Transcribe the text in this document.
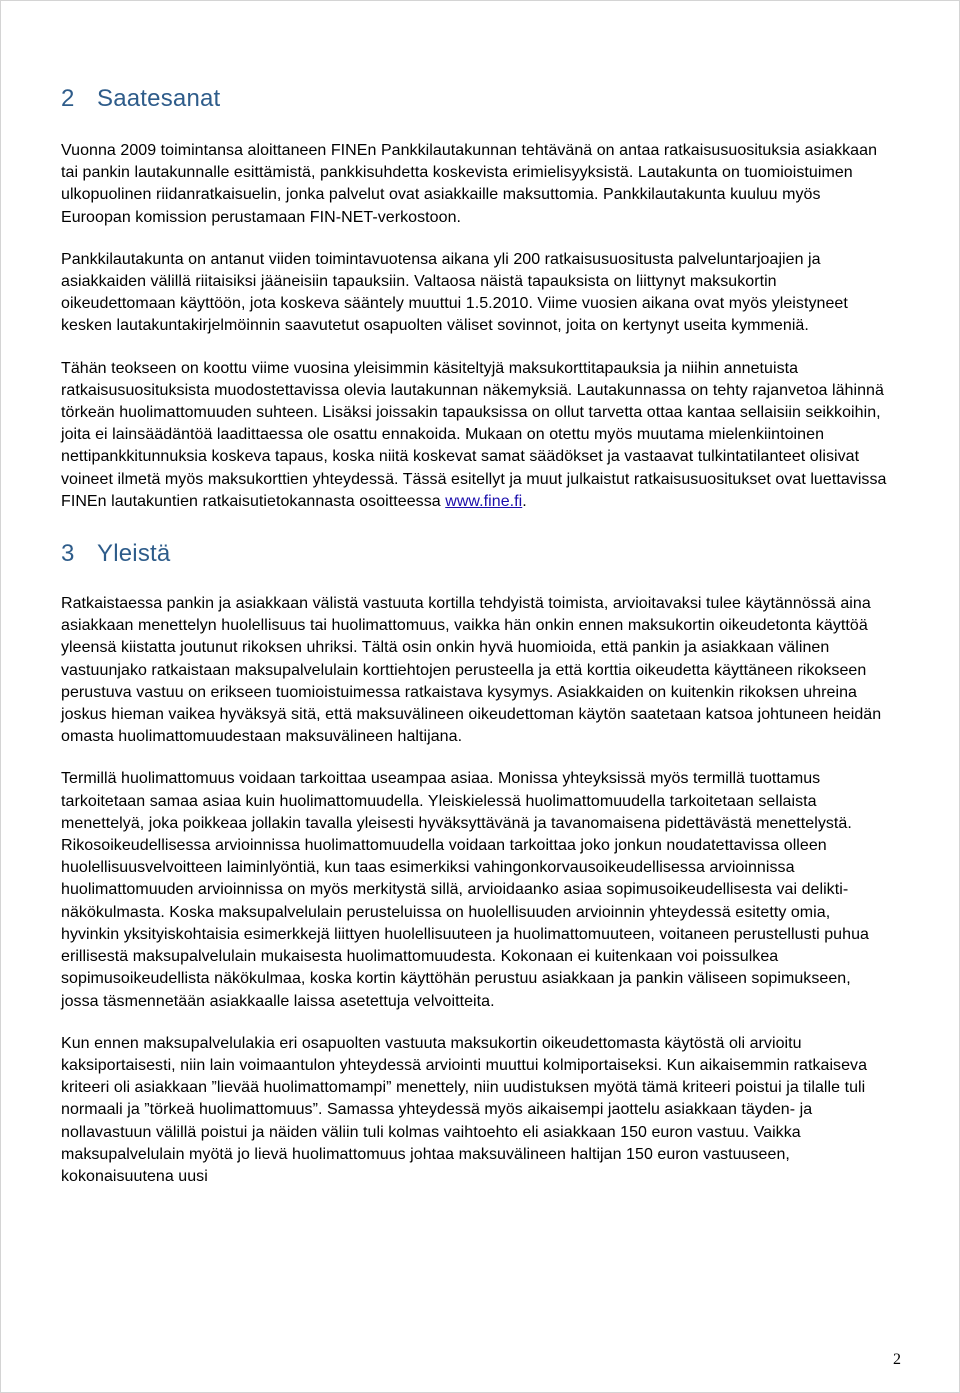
2 Saatesanat

Vuonna 2009 toimintansa aloittaneen FINEn Pankkilautakunnan tehtävänä on antaa ratkaisusuosituksia asiakkaan tai pankin lautakunnalle esittämistä, pankkisuhdetta koskevista erimielisyyksistä. Lautakunta on tuomioistuimen ulkopuolinen riidanratkaisuelin, jonka palvelut ovat asiakkaille maksuttomia. Pankkilautakunta kuuluu myös Euroopan komission perustamaan FIN-NET-verkostoon.

Pankkilautakunta on antanut viiden toimintavuotensa aikana yli 200 ratkaisusuositusta palveluntarjoajien ja asiakkaiden välillä riitaisiksi jääneisiin tapauksiin. Valtaosa näistä tapauksista on liittynyt maksukortin oikeudettomaan käyttöön, jota koskeva sääntely muuttui 1.5.2010. Viime vuosien aikana ovat myös yleistyneet kesken lautakuntakirjelmöinnin saavutetut osapuolten väliset sovinnot, joita on kertynyt useita kymmeniä.

Tähän teokseen on koottu viime vuosina yleisimmin käsiteltyjä maksukorttitapauksia ja niihin annetuista ratkaisusuosituksista muodostettavissa olevia lautakunnan näkemyksiä. Lautakunnassa on tehty rajanvetoa lähinnä törkeän huolimattomuuden suhteen. Lisäksi joissakin tapauksissa on ollut tarvetta ottaa kantaa sellaisiin seikkoihin, joita ei lainsäädäntöä laadittaessa ole osattu ennakoida. Mukaan on otettu myös muutama mielenkiintoinen nettipankkitunnuksia koskeva tapaus, koska niitä koskevat samat säädökset ja vastaavat tulkintatilanteet olisivat voineet ilmetä myös maksukorttien yhteydessä. Tässä esitellyt ja muut julkaistut ratkaisusuositukset ovat luettavissa FINEn lautakuntien ratkaisutietokannasta osoitteessa www.fine.fi.

3 Yleistä

Ratkaistaessa pankin ja asiakkaan välistä vastuuta kortilla tehdyistä toimista, arvioitavaksi tulee käytännössä aina asiakkaan menettelyn huolellisuus tai huolimattomuus, vaikka hän onkin ennen maksukortin oikeudetonta käyttöä yleensä kiistatta joutunut rikoksen uhriksi. Tältä osin onkin hyvä huomioida, että pankin ja asiakkaan välinen vastuunjako ratkaistaan maksupalvelulain korttiehtojen perusteella ja että korttia oikeudetta käyttäneen rikokseen perustuva vastuu on erikseen tuomioistuimessa ratkaistava kysymys. Asiakkaiden on kuitenkin rikoksen uhreina joskus hieman vaikea hyväksyä sitä, että maksuvälineen oikeudettoman käytön saatetaan katsoa johtuneen heidän omasta huolimattomuudestaan maksuvälineen haltijana.

Termillä huolimattomuus voidaan tarkoittaa useampaa asiaa. Monissa yhteyksissä myös termillä tuottamus tarkoitetaan samaa asiaa kuin huolimattomuudella. Yleiskielessä huolimattomuudella tarkoitetaan sellaista menettelyä, joka poikkeaa jollakin tavalla yleisesti hyväksyttävänä ja tavanomaisena pidettävästä menettelystä. Rikosoikeudellisessa arvioinnissa huolimattomuudella voidaan tarkoittaa joko jonkun noudatettavissa olleen huolellisuusvelvoitteen laiminlyöntiä, kun taas esimerkiksi vahingonkorvausoikeudellisessa arvioinnissa huolimattomuuden arvioinnissa on myös merkitystä sillä, arvioidaanko asiaa sopimusoikeudellisesta vai delikti-näkökulmasta. Koska maksupalvelulain perusteluissa on huolellisuuden arvioinnin yhteydessä esitetty omia, hyvinkin yksityiskohtaisia esimerkkejä liittyen huolellisuuteen ja huolimattomuuteen, voitaneen perustellusti puhua erillisestä maksupalvelulain mukaisesta huolimattomuudesta. Kokonaan ei kuitenkaan voi poissulkea sopimusoikeudellista näkökulmaa, koska kortin käyttöhän perustuu asiakkaan ja pankin väliseen sopimukseen, jossa täsmennetään asiakkaalle laissa asetettuja velvoitteita.

Kun ennen maksupalvelulakia eri osapuolten vastuuta maksukortin oikeudettomasta käytöstä oli arvioitu kaksiportaisesti, niin lain voimaantulon yhteydessä arviointi muuttui kolmiportaiseksi. Kun aikaisemmin ratkaiseva kriteeri oli asiakkaan ”lievää huolimattomampi” menettely, niin uudistuksen myötä tämä kriteeri poistui ja tilalle tuli normaali ja ”törkeä huolimattomuus”. Samassa yhteydessä myös aikaisempi jaottelu asiakkaan täyden- ja nollavastuun välillä poistui ja näiden väliin tuli kolmas vaihtoehto eli asiakkaan 150 euron vastuu. Vaikka maksupalvelulain myötä jo lievä huolimattomuus johtaa maksuvälineen haltijan 150 euron vastuuseen, kokonaisuutena uusi

2
